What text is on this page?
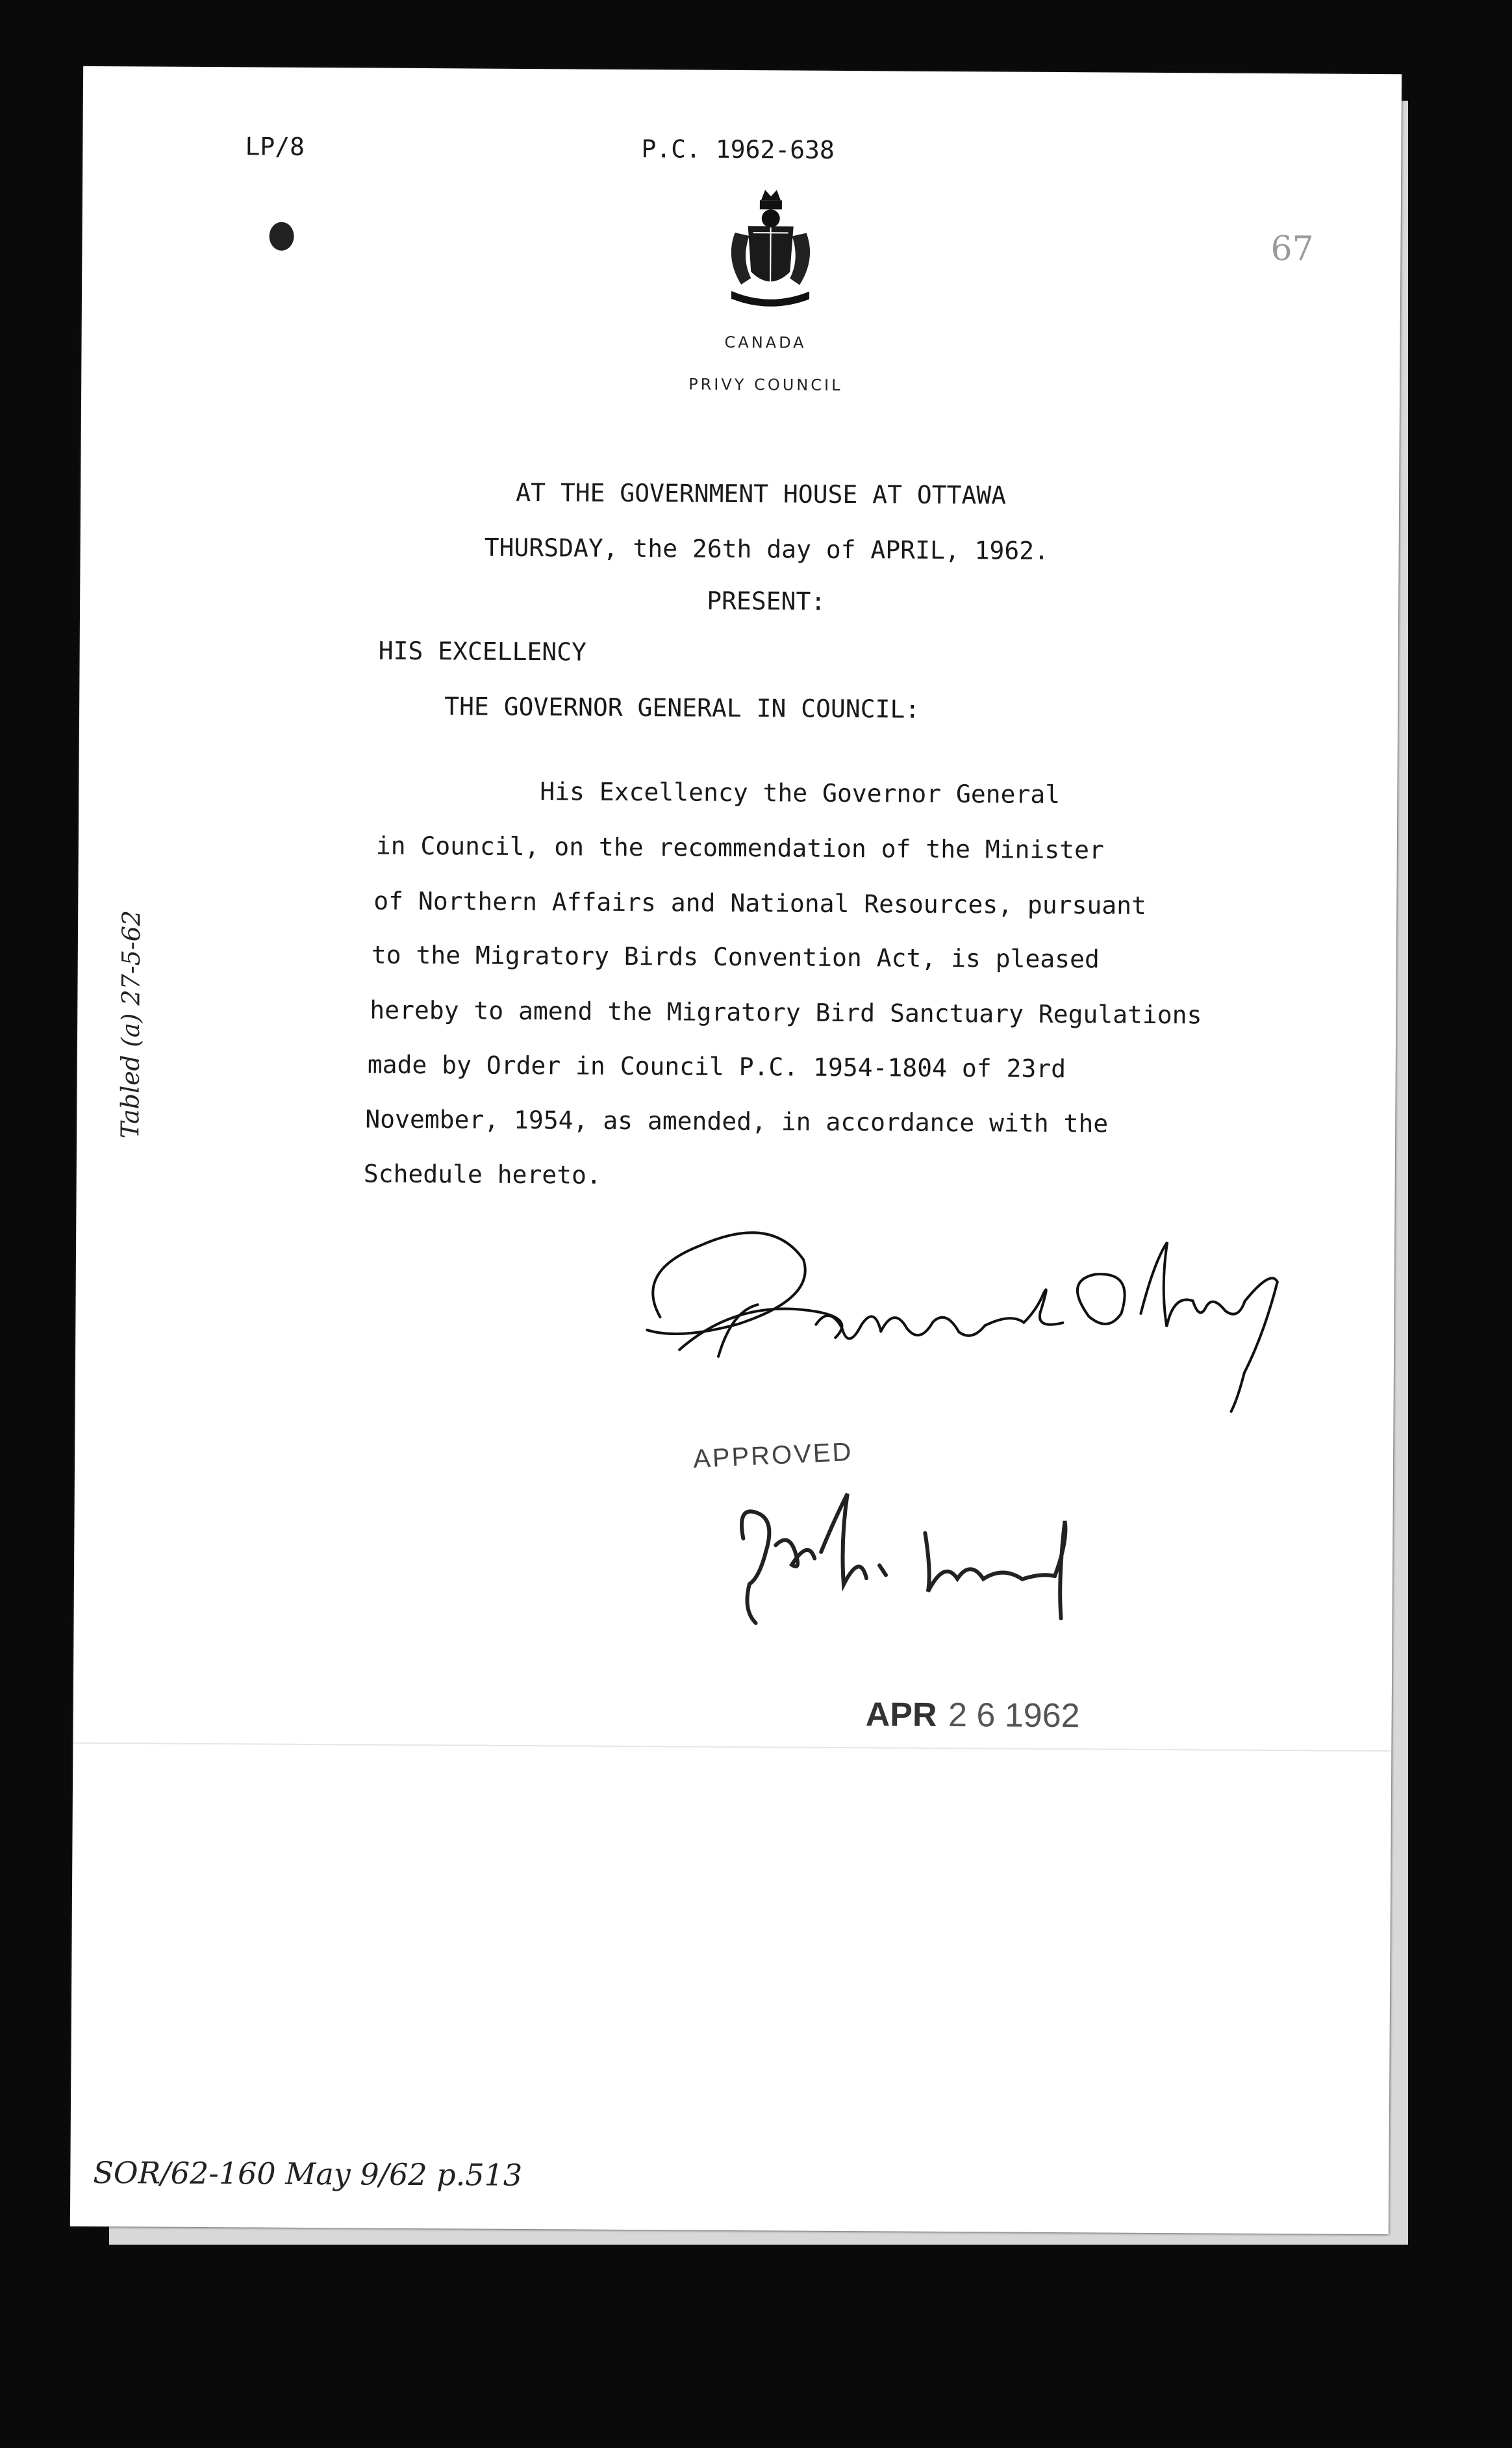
LP/8	P.C. 1962-638
67
CANADA
PRIVY COUNCIL
AT THE GOVERNMENT HOUSE AT OTTAWA
THURSDAY, the 26th day of APRIL, 1962.
PRESENT:
HIS EXCELLENCY
THE GOVERNOR GENERAL IN COUNCIL:
His Excellency the Governor General
in Council, on the recommendation of the Minister
of Northern Affairs and National Resources, pursuant
to the Migratory Birds Convention Act, is pleased
hereby to amend the Migratory Bird Sanctuary Regulations
made by Order in Council P.C. 1954-1804 of 23rd
November, 1954, as amended, in accordance with the
Schedule hereto.
APPROVED
APR 2 6 1962
Tabled (a) 27-5-62
SOR/62-160 May 9/62 p.513
